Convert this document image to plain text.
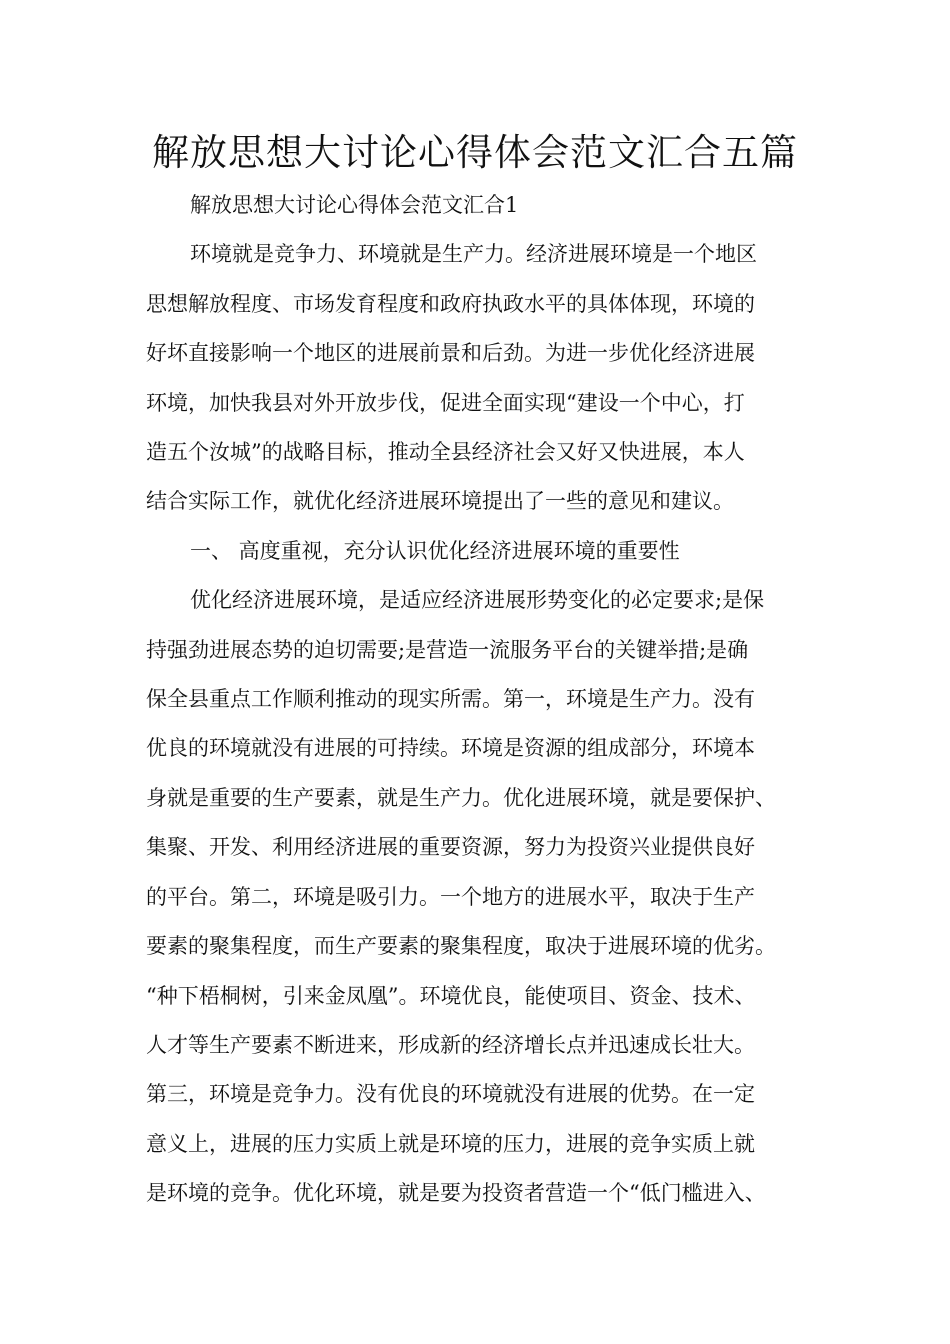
解放思想大讨论心得体会范文汇合五篇

解放思想大讨论心得体会范文汇合1

环境就是竞争力、环境就是生产力。经济进展环境是一个地区
思想解放程度、市场发育程度和政府执政水平的具体体现，环境的
好坏直接影响一个地区的进展前景和后劲。为进一步优化经济进展
环境，加快我县对外开放步伐，促进全面实现“建设一个中心，打
造五个汝城”的战略目标，推动全县经济社会又好又快进展，本人
结合实际工作，就优化经济进展环境提出了一些的意见和建议。

一、 高度重视，充分认识优化经济进展环境的重要性

优化经济进展环境，是适应经济进展形势变化的必定要求;是保
持强劲进展态势的迫切需要;是营造一流服务平台的关键举措;是确
保全县重点工作顺利推动的现实所需。第一，环境是生产力。没有
优良的环境就没有进展的可持续。环境是资源的组成部分，环境本
身就是重要的生产要素，就是生产力。优化进展环境，就是要保护、
集聚、开发、利用经济进展的重要资源，努力为投资兴业提供良好
的平台。第二，环境是吸引力。一个地方的进展水平，取决于生产
要素的聚集程度，而生产要素的聚集程度，取决于进展环境的优劣。
“种下梧桐树，引来金凤凰”。环境优良，能使项目、资金、技术、
人才等生产要素不断进来，形成新的经济增长点并迅速成长壮大。
第三，环境是竞争力。没有优良的环境就没有进展的优势。在一定
意义上，进展的压力实质上就是环境的压力，进展的竞争实质上就
是环境的竞争。优化环境，就是要为投资者营造一个“低门槛进入、
